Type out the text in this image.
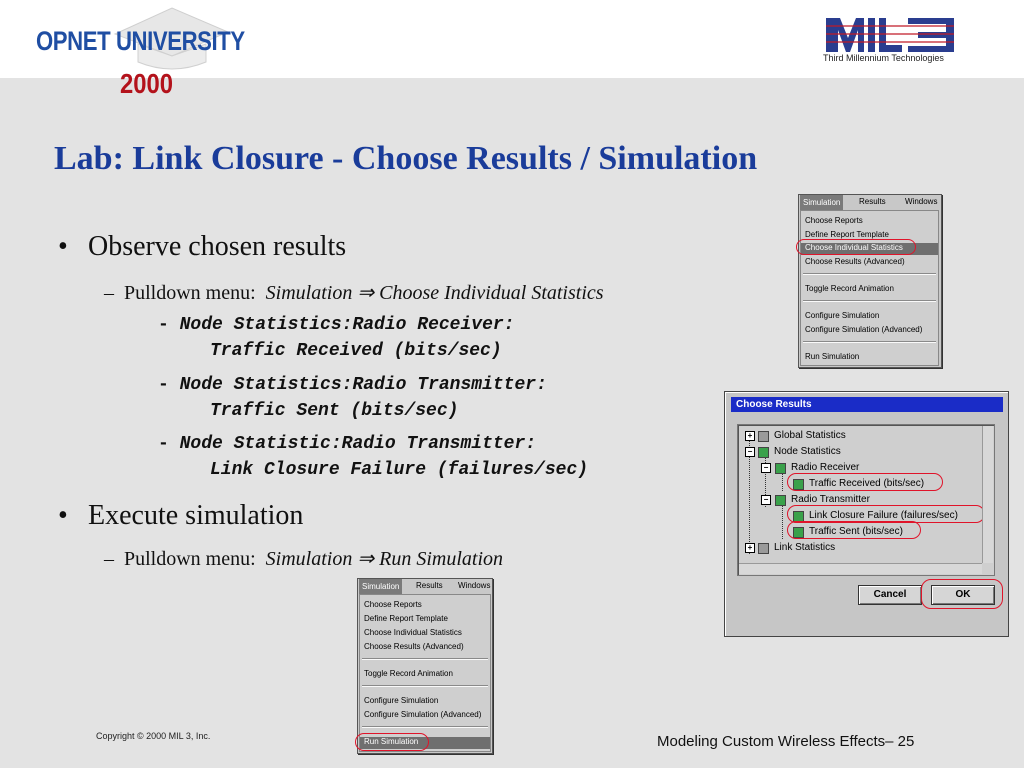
OPNET UNIVERSITY
2000
Third Millennium Technologies
Lab: Link Closure - Choose Results / Simulation
• Observe chosen results
– Pulldown menu: Simulation ⇒ Choose Individual Statistics
- Node Statistics:Radio Receiver:
Traffic Received (bits/sec)
- Node Statistics:Radio Transmitter:
Traffic Sent (bits/sec)
- Node Statistic:Radio Transmitter:
Link Closure Failure (failures/sec)
• Execute simulation
– Pulldown menu: Simulation ⇒ Run Simulation
Simulation	Results Windows
Choose Reports
Define Report Template
Choose Individual Statistics
Choose Results (Advanced)
Toggle Record Animation
Configure Simulation
Configure Simulation (Advanced)
Run Simulation
Simulation	Results Windows
Choose Reports
Define Report Template
Choose Individual Statistics
Choose Results (Advanced)
Toggle Record Animation
Configure Simulation
Configure Simulation (Advanced)
Run Simulation
Choose Results
+ Global Statistics
− Node Statistics
− Radio Receiver
Traffic Received (bits/sec)
− Radio Transmitter
Link Closure Failure (failures/sec)
Traffic Sent (bits/sec)
+ Link Statistics
Cancel	OK
Copyright © 2000 MIL 3, Inc.	Modeling Custom Wireless Effects– 25
